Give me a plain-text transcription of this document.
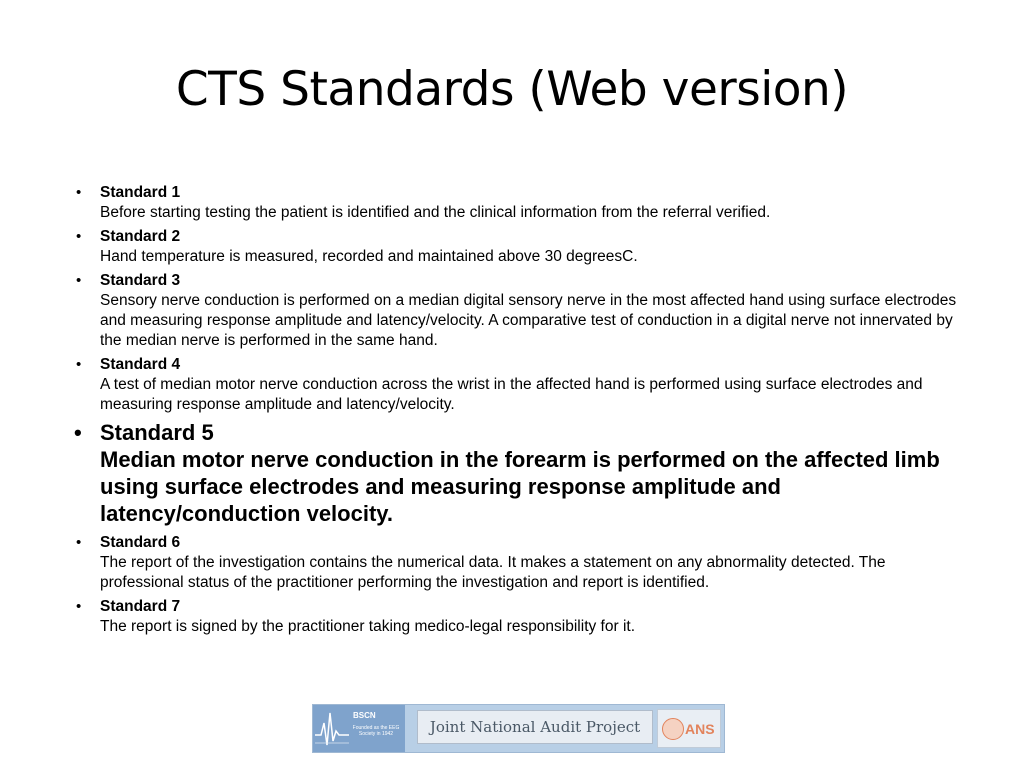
CTS Standards (Web version)
• Standard 1
Before starting testing the patient is identified and the clinical information from the referral verified.
• Standard 2
Hand temperature is measured, recorded and maintained above 30 degreesC.
• Standard 3
Sensory nerve conduction is performed on a median digital sensory nerve in the most affected hand using surface electrodes and measuring response amplitude and latency/velocity. A comparative test of conduction in a digital nerve not innervated by the median nerve is performed in the same hand.
• Standard 4
A test of median motor nerve conduction across the wrist in the affected hand is performed using surface electrodes and measuring response amplitude and latency/velocity.
• Standard 5
Median motor nerve conduction in the forearm is performed on the affected limb using surface electrodes and measuring response amplitude and latency/conduction velocity.
• Standard 6
The report of the investigation contains the numerical data. It makes a statement on any abnormality detected. The professional status of the practitioner performing the investigation and report is identified.
• Standard 7
The report is signed by the practitioner taking medico-legal responsibility for it.
BSCN
Founded as the EEG Society in 1942	Joint National Audit Project	ANS
